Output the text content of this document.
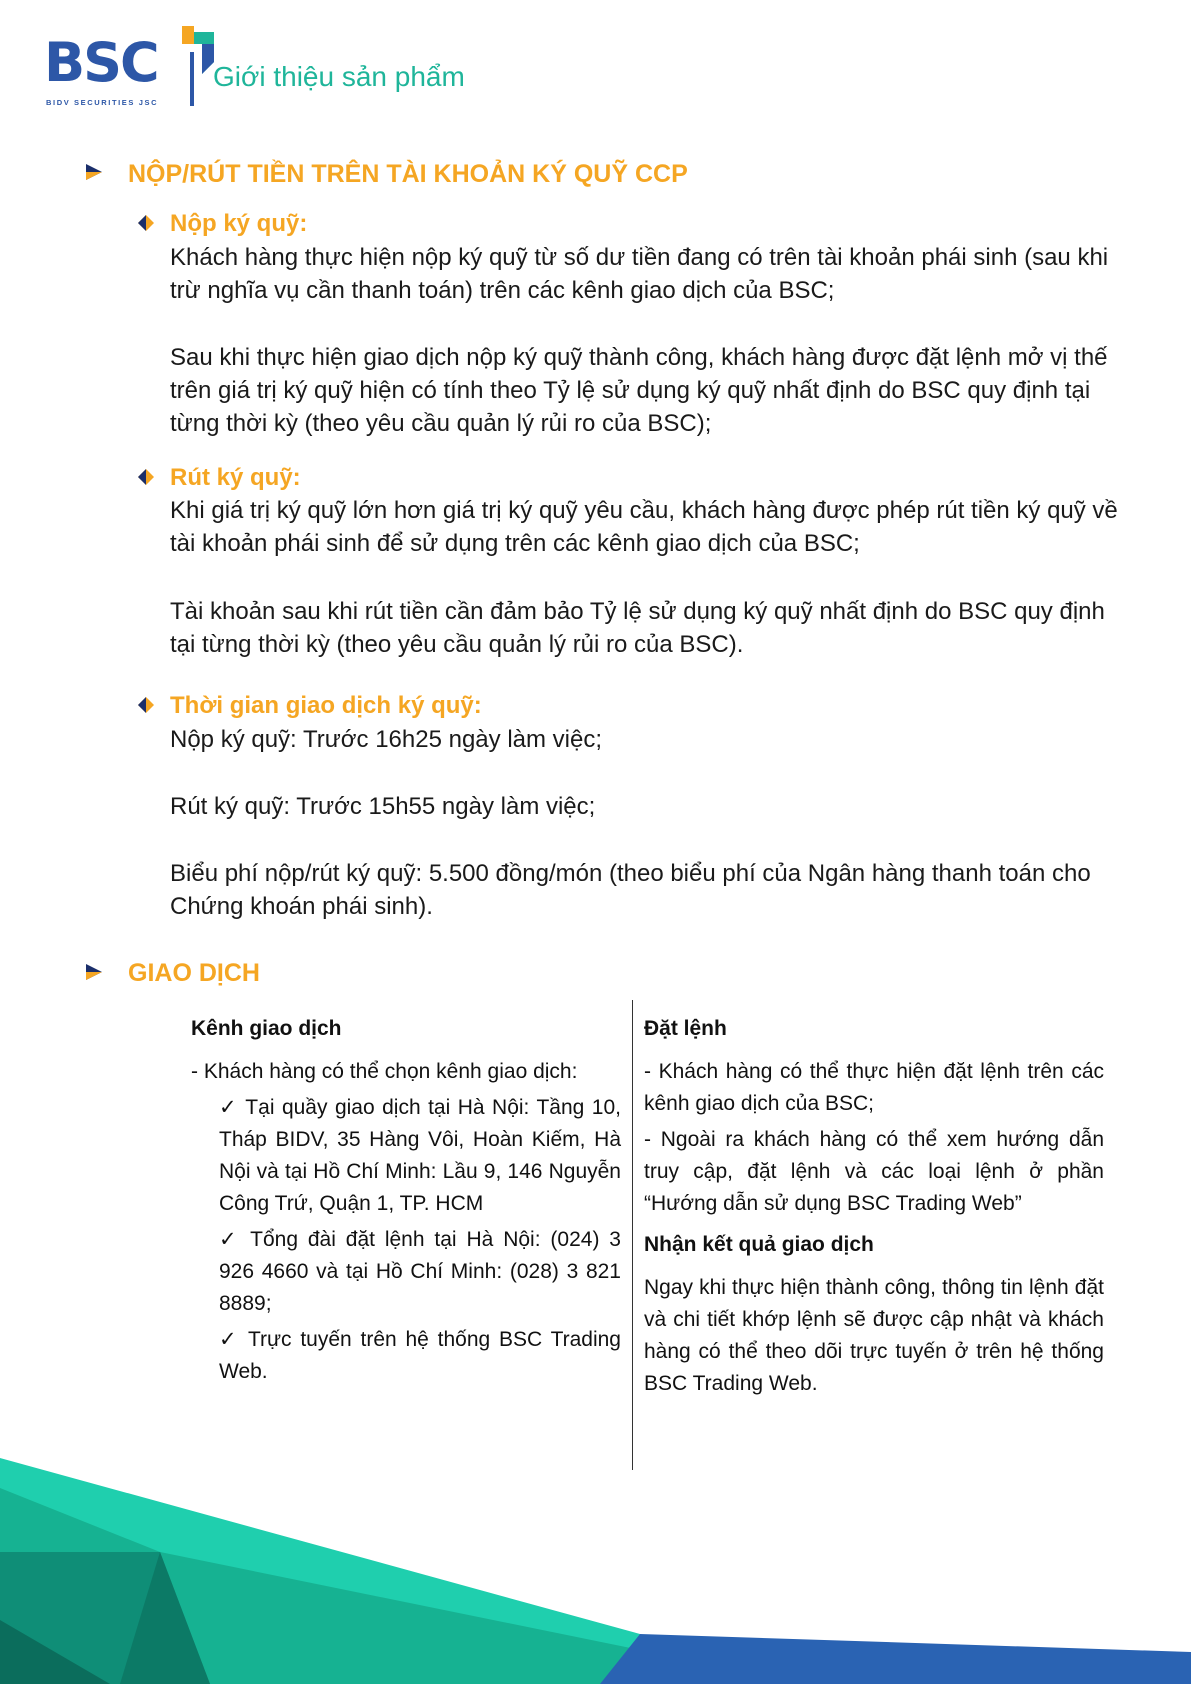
BSC

BIDV SECURITIES JSC
Giới thiệu sản phẩm
NỘP/RÚT TIỀN TRÊN TÀI KHOẢN KÝ QUỸ CCP
Nộp ký quỹ:

Khách hàng thực hiện nộp ký quỹ từ số dư tiền đang có trên tài khoản phái sinh (sau khi trừ nghĩa vụ cần thanh toán) trên các kênh giao dịch của BSC;

Sau khi thực hiện giao dịch nộp ký quỹ thành công, khách hàng được đặt lệnh mở vị thế trên giá trị ký quỹ hiện có tính theo Tỷ lệ sử dụng ký quỹ nhất định do BSC quy định tại từng thời kỳ (theo yêu cầu quản lý rủi ro của BSC);

Rút ký quỹ:

Khi giá trị ký quỹ lớn hơn giá trị ký quỹ yêu cầu, khách hàng được phép rút tiền ký quỹ về tài khoản phái sinh để sử dụng trên các kênh giao dịch của BSC;

Tài khoản sau khi rút tiền cần đảm bảo Tỷ lệ sử dụng ký quỹ nhất định do BSC quy định tại từng thời kỳ (theo yêu cầu quản lý rủi ro của BSC).

Thời gian giao dịch ký quỹ:

Nộp ký quỹ: Trước 16h25 ngày làm việc;

Rút ký quỹ: Trước 15h55 ngày làm việc;

Biểu phí nộp/rút ký quỹ: 5.500 đồng/món (theo biểu phí của Ngân hàng thanh toán cho Chứng khoán phái sinh).

GIAO DỊCH
Kênh giao dịch

- Khách hàng có thể chọn kênh giao dịch:

✓ Tại quầy giao dịch tại Hà Nội: Tầng 10, Tháp BIDV, 35 Hàng Vôi, Hoàn Kiếm, Hà Nội và tại Hồ Chí Minh: Lầu 9, 146 Nguyễn Công Trứ, Quận 1, TP. HCM

✓ Tổng đài đặt lệnh tại Hà Nội: (024) 3 926 4660 và tại Hồ Chí Minh: (028) 3 821 8889;

✓ Trực tuyến trên hệ thống BSC Trading Web.

Đặt lệnh

- Khách hàng có thể thực hiện đặt lệnh trên các kênh giao dịch của BSC;

- Ngoài ra khách hàng có thể xem hướng dẫn truy cập, đặt lệnh và các loại lệnh ở phần “Hướng dẫn sử dụng BSC Trading Web”

Nhận kết quả giao dịch

Ngay khi thực hiện thành công, thông tin lệnh đặt và chi tiết khớp lệnh sẽ được cập nhật và khách hàng có thể theo dõi trực tuyến ở trên hệ thống BSC Trading Web.
